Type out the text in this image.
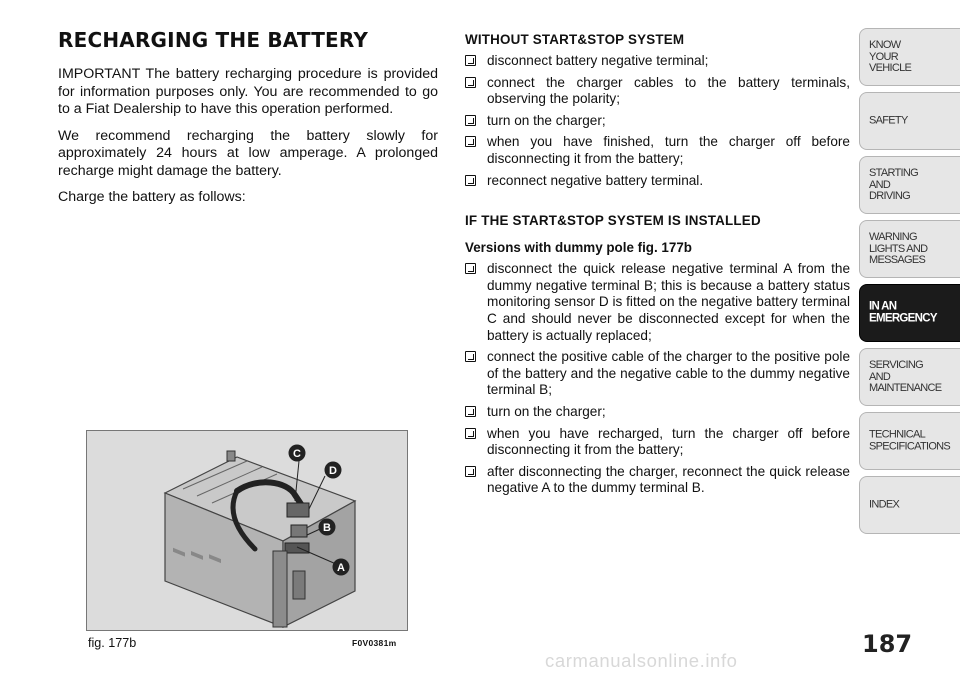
RECHARGING THE BATTERY

IMPORTANT The battery recharging procedure is provided for information purposes only. You are recommended to go to a Fiat Dealership to have this operation performed.

We recommend recharging the battery slowly for approximately 24 hours at low amperage. A prolonged recharge might damage the battery.

Charge the battery as follows:

WITHOUT START&STOP SYSTEM
disconnect battery negative terminal;
connect the charger cables to the battery terminals, observing the polarity;
turn on the charger;
when you have finished, turn the charger off before disconnecting it from the battery;
reconnect negative battery terminal.
IF THE START&STOP SYSTEM IS INSTALLED
Versions with dummy pole fig. 177b
disconnect the quick release negative terminal A from the dummy negative terminal B; this is because a battery status monitoring sensor D is fitted on the negative battery terminal C and should never be disconnected except for when the battery is actually replaced;
connect the positive cable of the charger to the positive pole of the battery and the negative cable to the dummy negative terminal B;
turn on the charger;
when you have recharged, turn the charger off before disconnecting it from the battery;
after disconnecting the charger, reconnect the quick release negative A to the dummy terminal B.
C
D
B
A
fig. 177b	F0V0381m
KNOW
YOUR
VEHICLE
SAFETY
STARTING
AND
DRIVING
WARNING
LIGHTS AND
MESSAGES
IN AN
EMERGENCY
SERVICING
AND
MAINTENANCE
TECHNICAL
SPECIFICATIONS
INDEX
187
carmanualsonline.info
